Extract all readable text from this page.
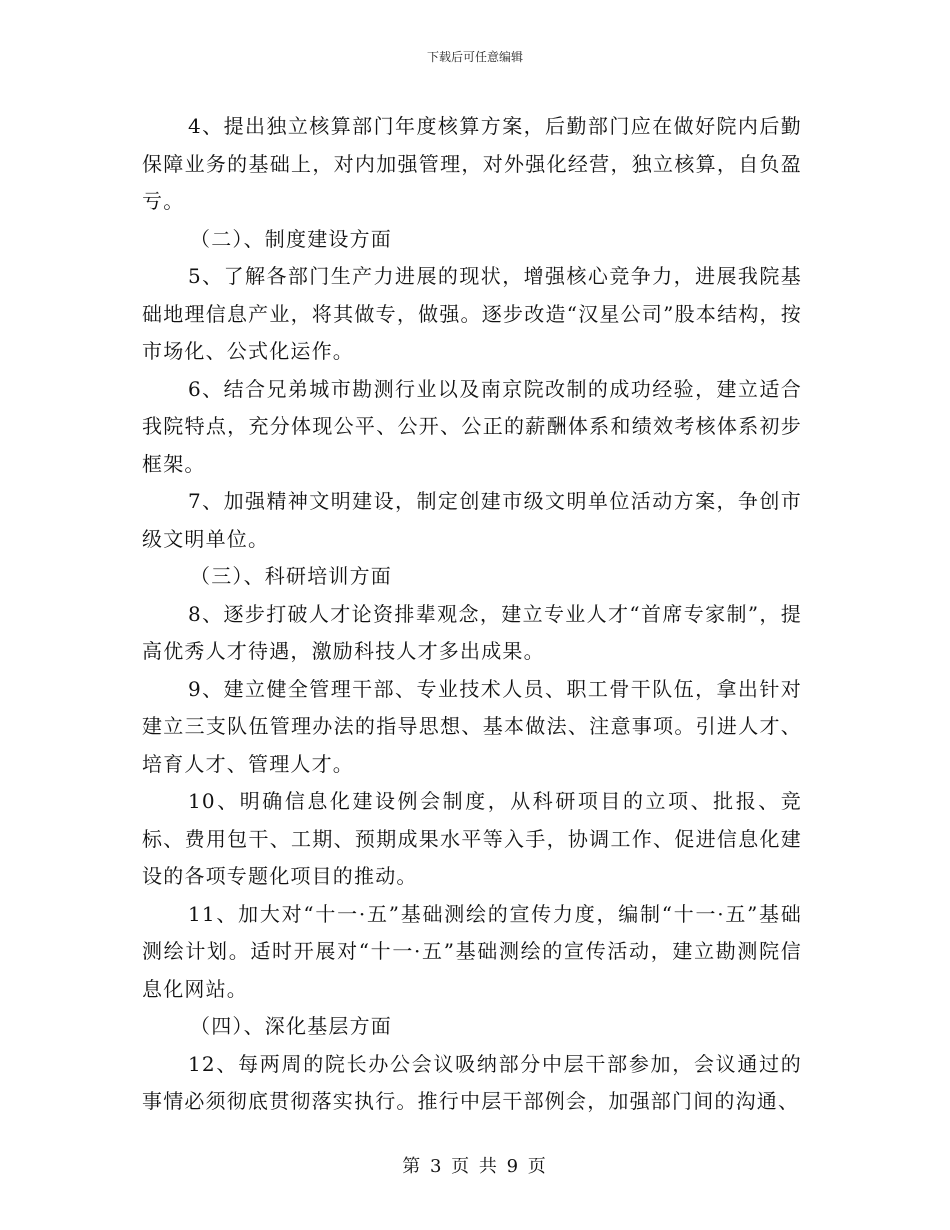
下载后可任意编辑

4、提出独立核算部门年度核算方案，后勤部门应在做好院内后勤保障业务的基础上，对内加强管理，对外强化经营，独立核算，自负盈亏。

（二）、制度建设方面

5、了解各部门生产力进展的现状，增强核心竞争力，进展我院基础地理信息产业，将其做专，做强。逐步改造“汉星公司”股本结构，按市场化、公式化运作。

6、结合兄弟城市勘测行业以及南京院改制的成功经验，建立适合我院特点，充分体现公平、公开、公正的薪酬体系和绩效考核体系初步框架。

7、加强精神文明建设，制定创建市级文明单位活动方案，争创市级文明单位。

（三）、科研培训方面

8、逐步打破人才论资排辈观念，建立专业人才“首席专家制”，提高优秀人才待遇，激励科技人才多出成果。

9、建立健全管理干部、专业技术人员、职工骨干队伍，拿出针对建立三支队伍管理办法的指导思想、基本做法、注意事项。引进人才、培育人才、管理人才。

10、明确信息化建设例会制度，从科研项目的立项、批报、竞标、费用包干、工期、预期成果水平等入手，协调工作、促进信息化建设的各项专题化项目的推动。

11、加大对“十一·五”基础测绘的宣传力度，编制“十一·五”基础测绘计划。适时开展对“十一·五”基础测绘的宣传活动，建立勘测院信息化网站。

（四）、深化基层方面

12、每两周的院长办公会议吸纳部分中层干部参加，会议通过的事情必须彻底贯彻落实执行。推行中层干部例会，加强部门间的沟通、

第 3 页 共 9 页
